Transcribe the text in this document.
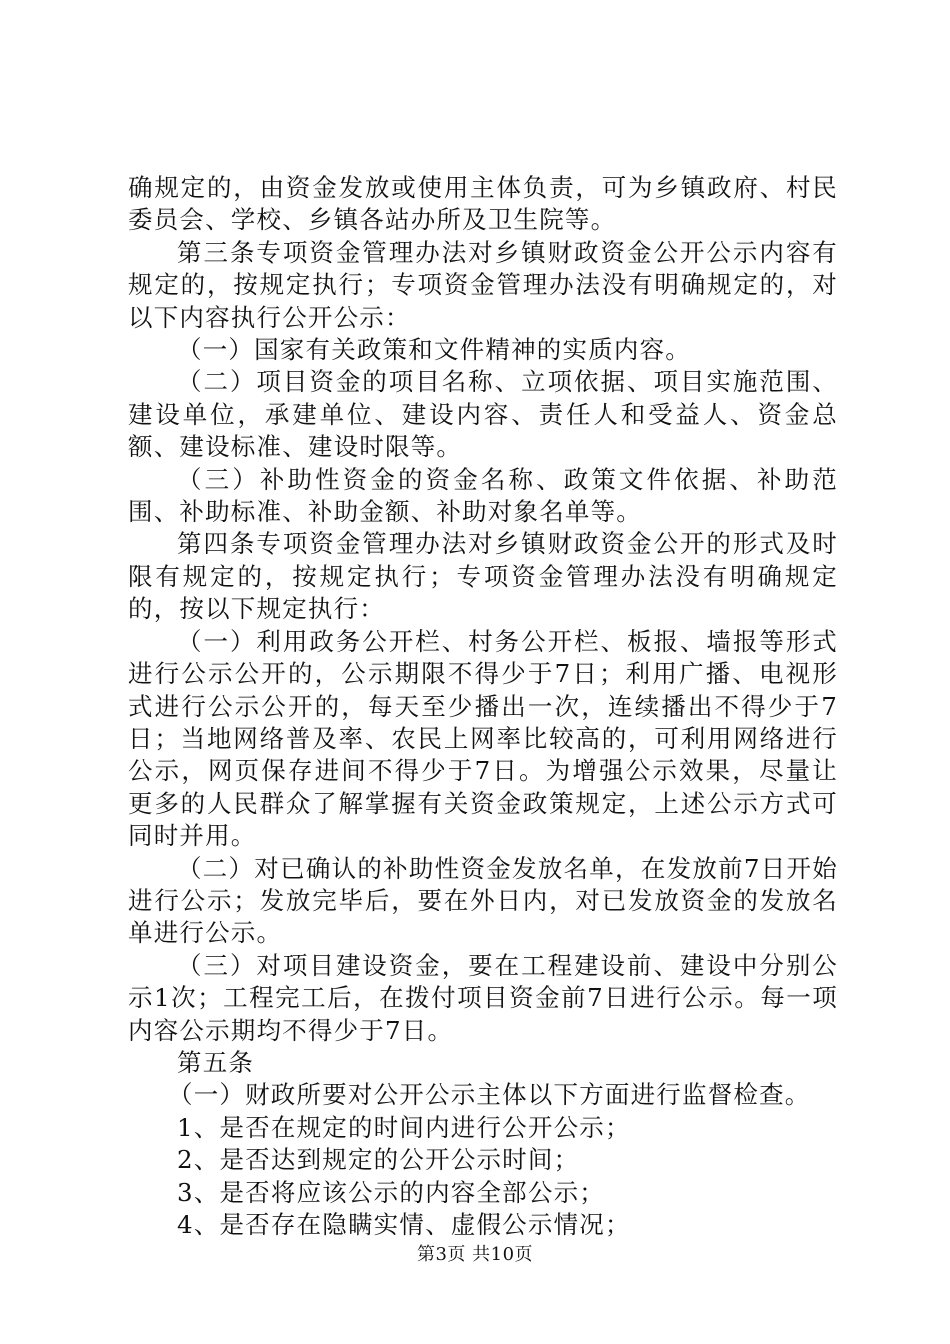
确规定的，由资金发放或使用主体负责，可为乡镇政府、村民委员会、学校、乡镇各站办所及卫生院等。

第三条专项资金管理办法对乡镇财政资金公开公示内容有规定的，按规定执行；专项资金管理办法没有明确规定的，对以下内容执行公开公示：

（一）国家有关政策和文件精神的实质内容。

（二）项目资金的项目名称、立项依据、项目实施范围、建设单位，承建单位、建设内容、责任人和受益人、资金总额、建设标准、建设时限等。

（三）补助性资金的资金名称、政策文件依据、补助范围、补助标准、补助金额、补助对象名单等。

第四条专项资金管理办法对乡镇财政资金公开的形式及时限有规定的，按规定执行；专项资金管理办法没有明确规定的，按以下规定执行：

（一）利用政务公开栏、村务公开栏、板报、墙报等形式进行公示公开的，公示期限不得少于7日；利用广播、电视形式进行公示公开的，每天至少播出一次，连续播出不得少于7日；当地网络普及率、农民上网率比较高的，可利用网络进行公示，网页保存进间不得少于7日。为增强公示效果，尽量让更多的人民群众了解掌握有关资金政策规定，上述公示方式可同时并用。

（二）对已确认的补助性资金发放名单，在发放前7日开始进行公示；发放完毕后，要在外日内，对已发放资金的发放名单进行公示。

（三）对项目建设资金，要在工程建设前、建设中分别公示1次；工程完工后，在拨付项目资金前7日进行公示。每一项内容公示期均不得少于7日。

第五条

（一）财政所要对公开公示主体以下方面进行监督检查。

1、是否在规定的时间内进行公开公示；

2、是否达到规定的公开公示时间；

3、是否将应该公示的内容全部公示；

4、是否存在隐瞒实情、虚假公示情况；

第3页 共10页
